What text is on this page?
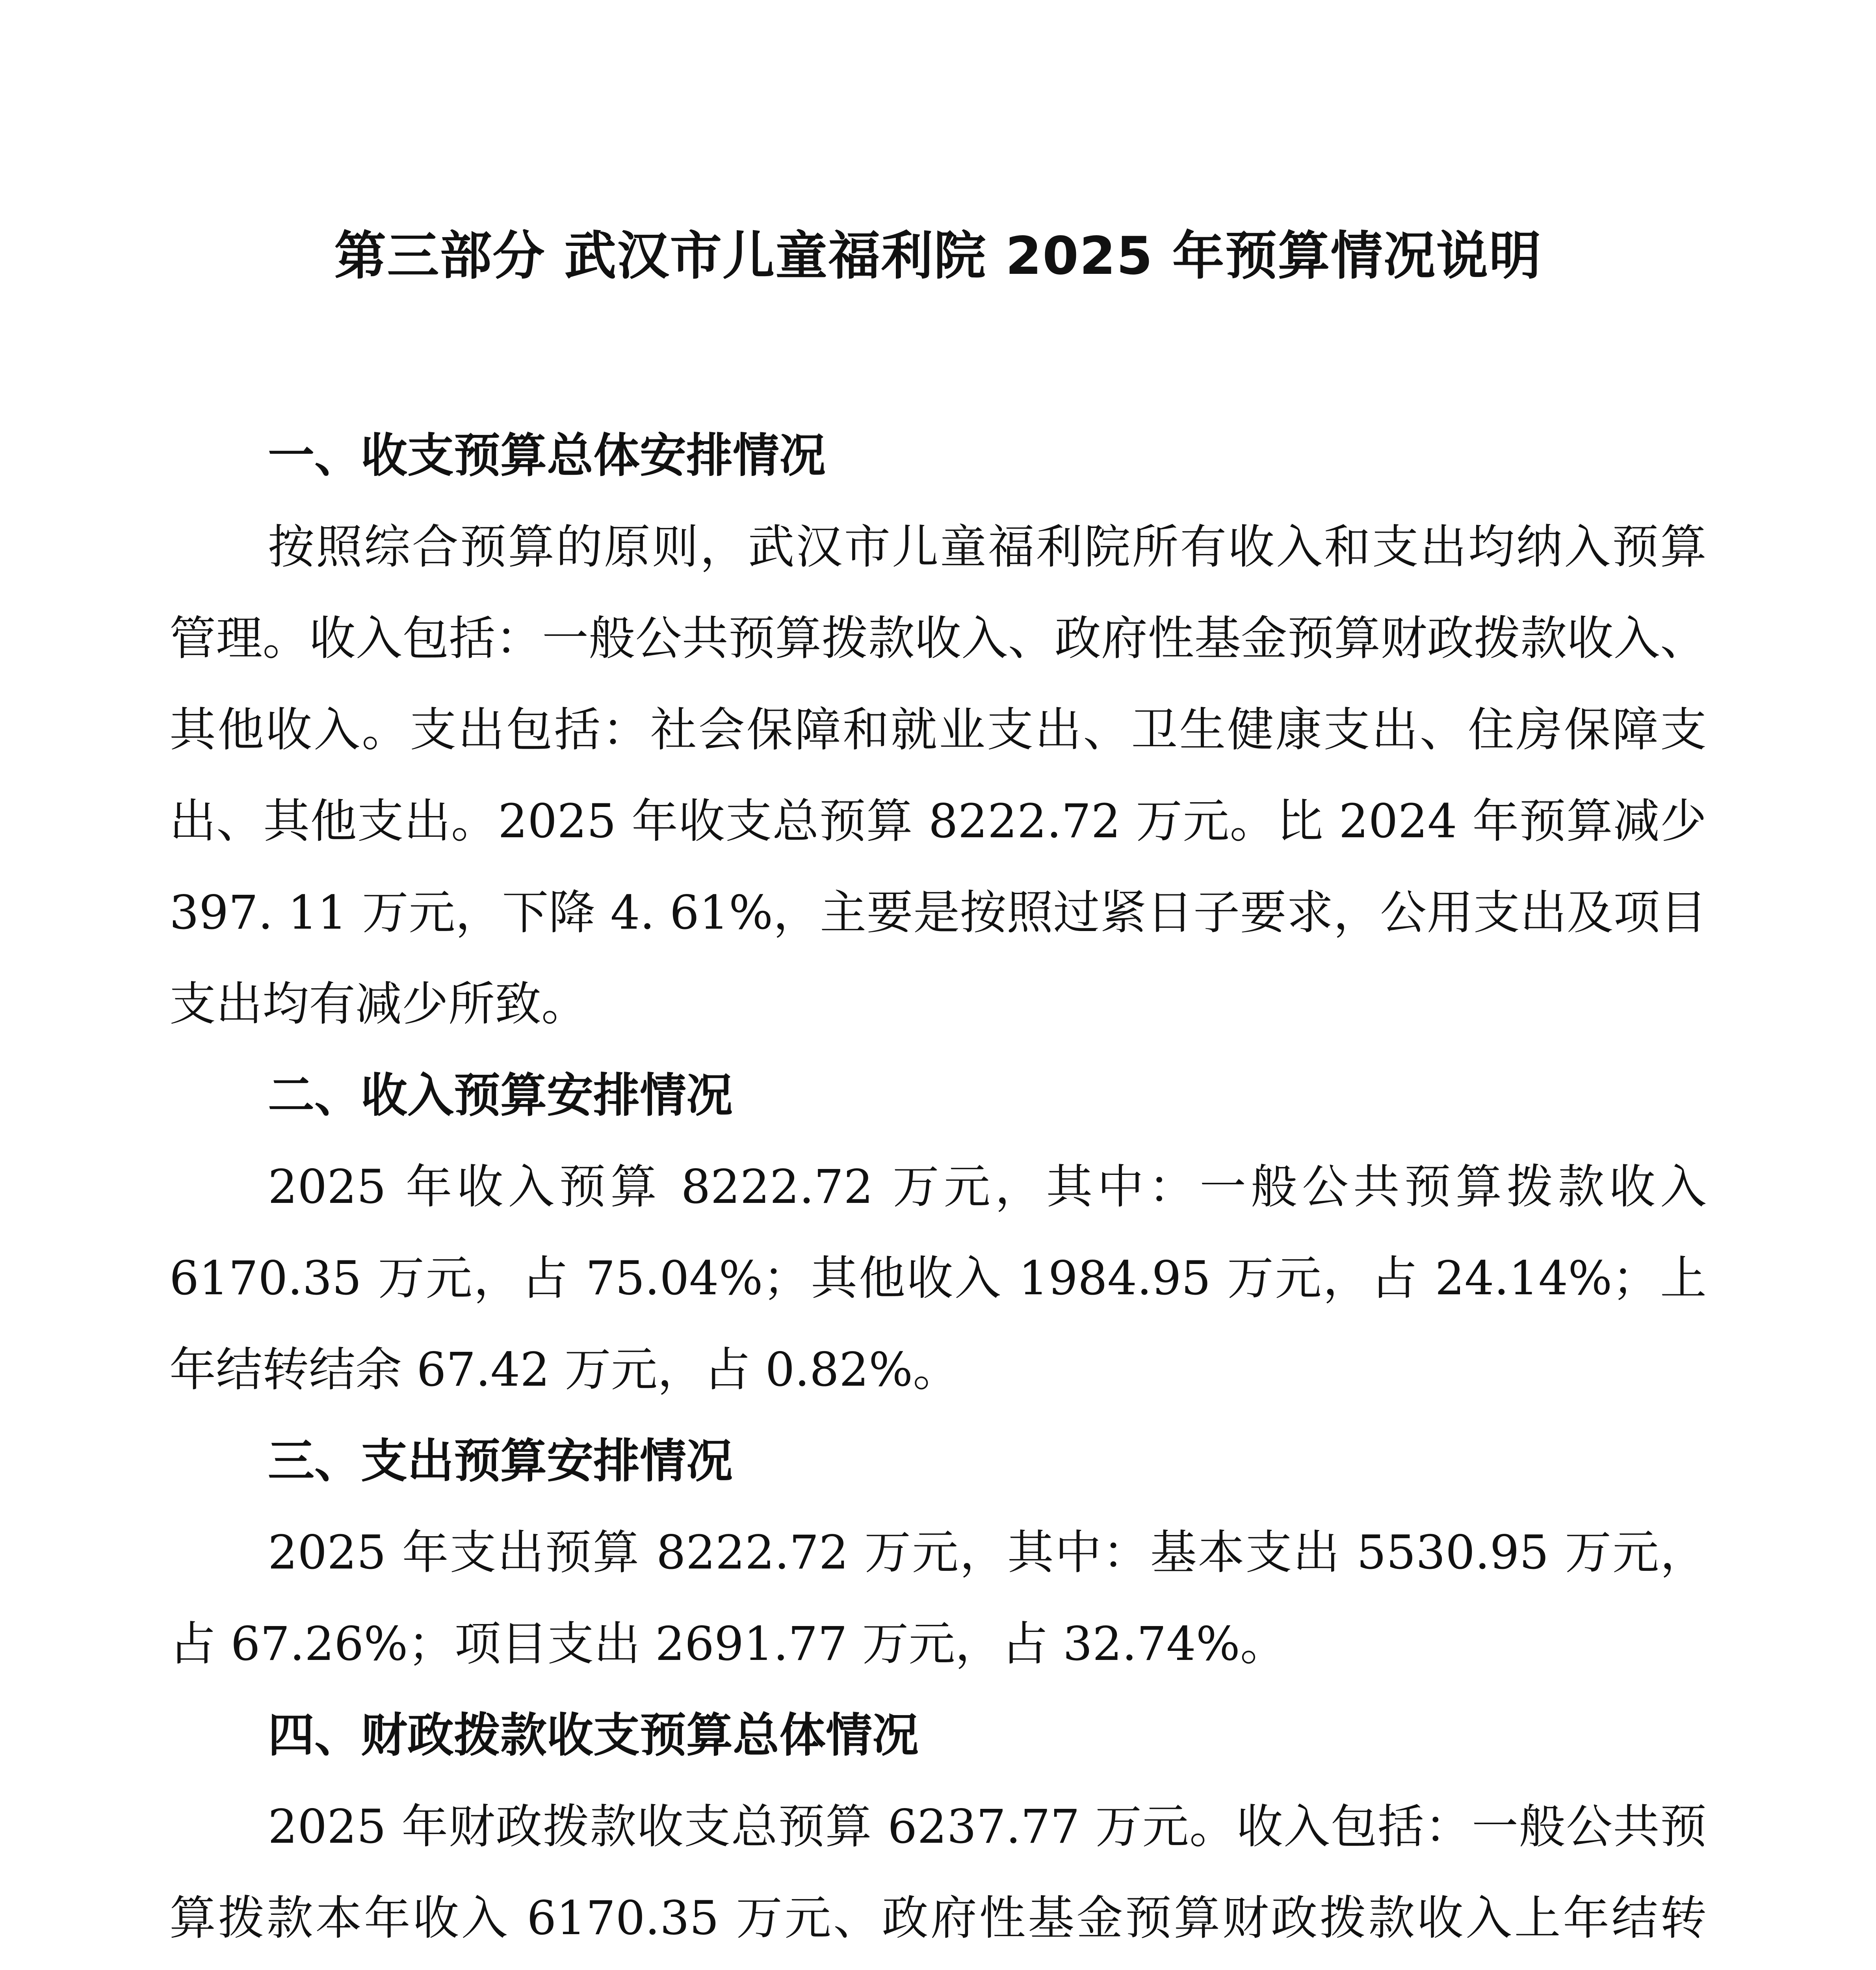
第三部分 武汉市儿童福利院 2025 年预算情况说明
一、收支预算总体安排情况

按照综合预算的原则，武汉市儿童福利院所有收入和支出均纳入预算管理。收入包括：一般公共预算拨款收入、政府性基金预算财政拨款收入、其他收入。支出包括：社会保障和就业支出、卫生健康支出、住房保障支出、其他支出。2025 年收支总预算 8222.72 万元。比 2024 年预算减少 397. 11 万元，下降 4. 61%，主要是按照过紧日子要求，公用支出及项目支出均有减少所致。

二、收入预算安排情况

2025 年收入预算 8222.72 万元，其中：一般公共预算拨款收入 6170.35 万元，占 75.04%；其他收入 1984.95 万元，占 24.14%；上年结转结余 67.42 万元，占 0.82%。

三、支出预算安排情况

2025 年支出预算 8222.72 万元，其中：基本支出 5530.95 万元，占 67.26%；项目支出 2691.77 万元，占 32.74%。

四、财政拨款收支预算总体情况

2025 年财政拨款收支总预算 6237.77 万元。收入包括：一般公共预算拨款本年收入 6170.35 万元、政府性基金预算财政拨款收入上年结转
